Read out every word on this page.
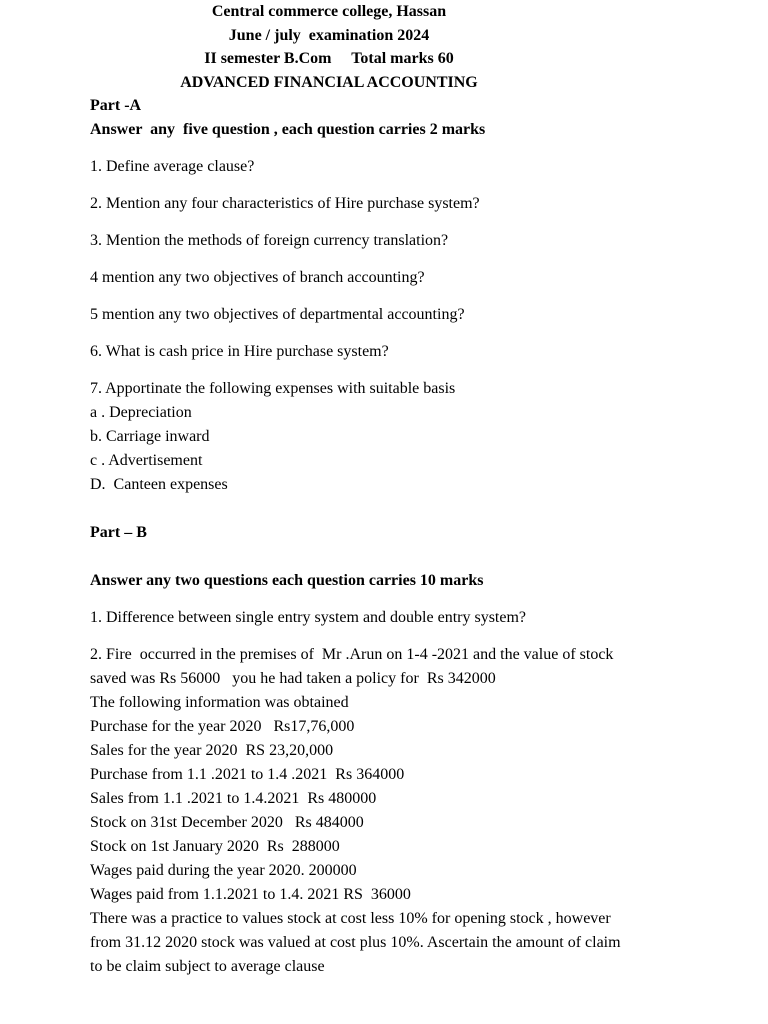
Central commerce college, Hassan
June / july  examination 2024
II semester B.Com     Total marks 60
ADVANCED FINANCIAL ACCOUNTING
Part -A
Answer  any  five question , each question carries 2 marks
1. Define average clause?
2. Mention any four characteristics of Hire purchase system?
3. Mention the methods of foreign currency translation?
4 mention any two objectives of branch accounting?
5 mention any two objectives of departmental accounting?
6. What is cash price in Hire purchase system?
7. Apportinate the following expenses with suitable basis
a . Depreciation
b. Carriage inward
c . Advertisement
D.  Canteen expenses
Part – B
Answer any two questions each question carries 10 marks
1. Difference between single entry system and double entry system?
2. Fire  occurred in the premises of  Mr .Arun on 1-4 -2021 and the value of stock
saved was Rs 56000   you he had taken a policy for  Rs 342000
The following information was obtained
Purchase for the year 2020   Rs17,76,000
Sales for the year 2020  RS 23,20,000
Purchase from 1.1 .2021 to 1.4 .2021  Rs 364000
Sales from 1.1 .2021 to 1.4.2021  Rs 480000
Stock on 31st December 2020   Rs 484000
Stock on 1st January 2020  Rs  288000
Wages paid during the year 2020. 200000
Wages paid from 1.1.2021 to 1.4. 2021 RS  36000
There was a practice to values stock at cost less 10% for opening stock , however
from 31.12 2020 stock was valued at cost plus 10%. Ascertain the amount of claim
to be claim subject to average clause
